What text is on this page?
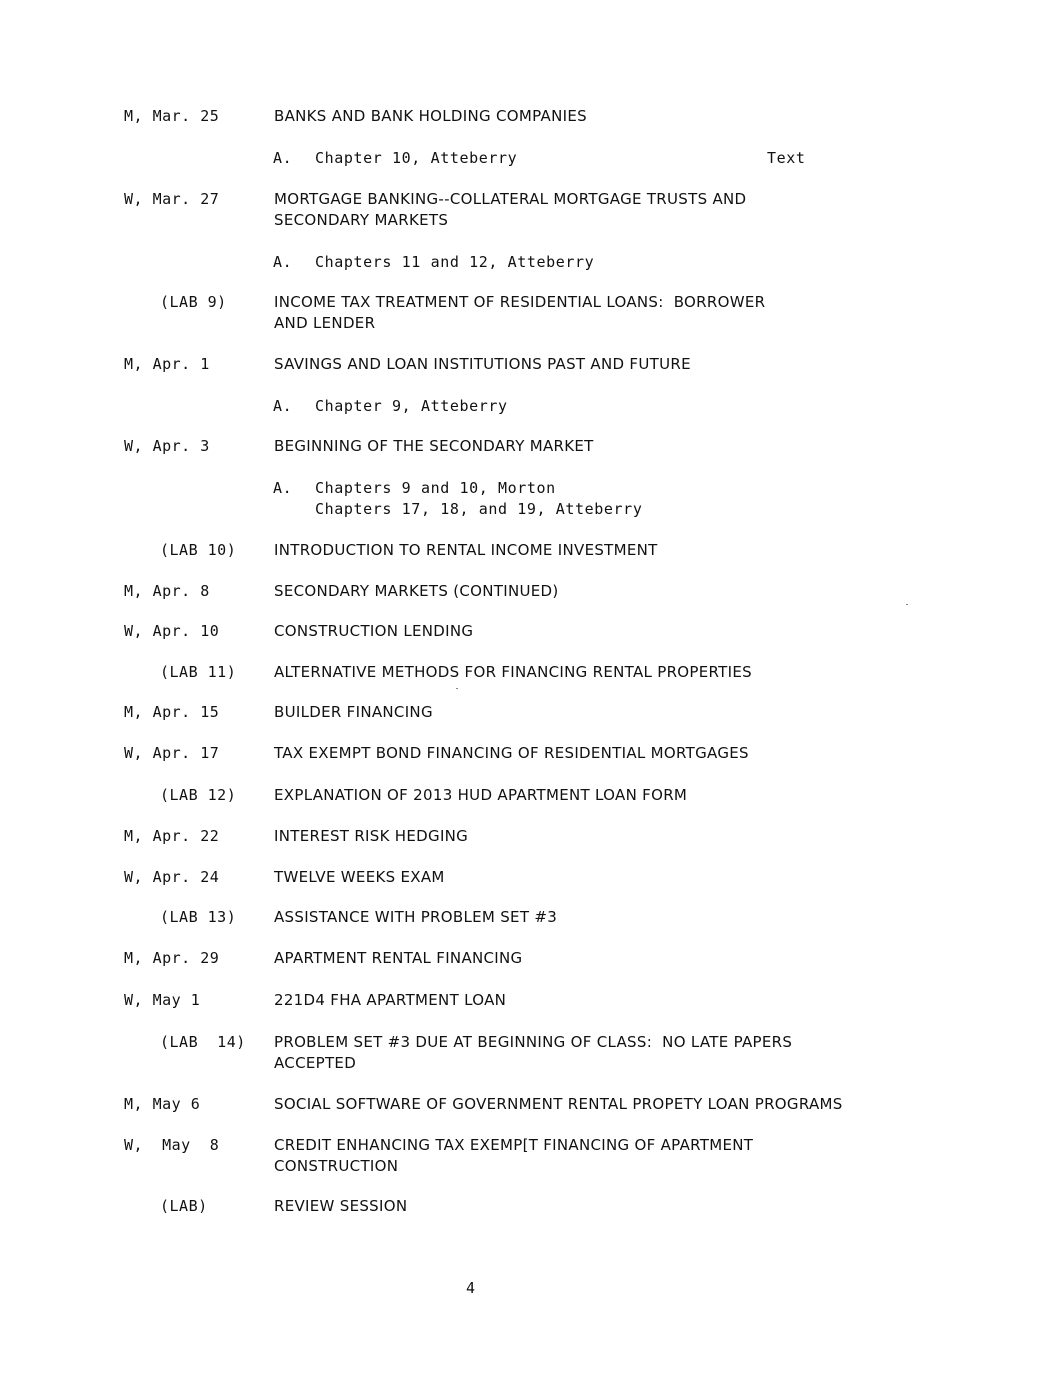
M, Mar. 25	BANKS AND BANK HOLDING COMPANIES
A. Chapter 10, Atteberry	Text
W, Mar. 27	MORTGAGE BANKING--COLLATERAL MORTGAGE TRUSTS AND
SECONDARY MARKETS
A. Chapters 11 and 12, Atteberry
(LAB 9)	INCOME TAX TREATMENT OF RESIDENTIAL LOANS:  BORROWER
AND LENDER
M, Apr. 1	SAVINGS AND LOAN INSTITUTIONS PAST AND FUTURE
A. Chapter 9, Atteberry
W, Apr. 3	BEGINNING OF THE SECONDARY MARKET
A. Chapters 9 and 10, Morton
Chapters 17, 18, and 19, Atteberry
(LAB 10)	INTRODUCTION TO RENTAL INCOME INVESTMENT
M, Apr. 8	SECONDARY MARKETS (CONTINUED)
W, Apr. 10	CONSTRUCTION LENDING
(LAB 11)	ALTERNATIVE METHODS FOR FINANCING RENTAL PROPERTIES
M, Apr. 15	BUILDER FINANCING
W, Apr. 17	TAX EXEMPT BOND FINANCING OF RESIDENTIAL MORTGAGES
(LAB 12)	EXPLANATION OF 2013 HUD APARTMENT LOAN FORM
M, Apr. 22	INTEREST RISK HEDGING
W, Apr. 24	TWELVE WEEKS EXAM
(LAB 13)	ASSISTANCE WITH PROBLEM SET #3
M, Apr. 29	APARTMENT RENTAL FINANCING
W, May 1	221D4 FHA APARTMENT LOAN
(LAB  14) PROBLEM SET #3 DUE AT BEGINNING OF CLASS:  NO LATE PAPERS
ACCEPTED
M, May 6	SOCIAL SOFTWARE OF GOVERNMENT RENTAL PROPETY LOAN PROGRAMS
W,  May  8	CREDIT ENHANCING TAX EXEMP[T FINANCING OF APARTMENT
CONSTRUCTION
(LAB)	REVIEW SESSION
4
